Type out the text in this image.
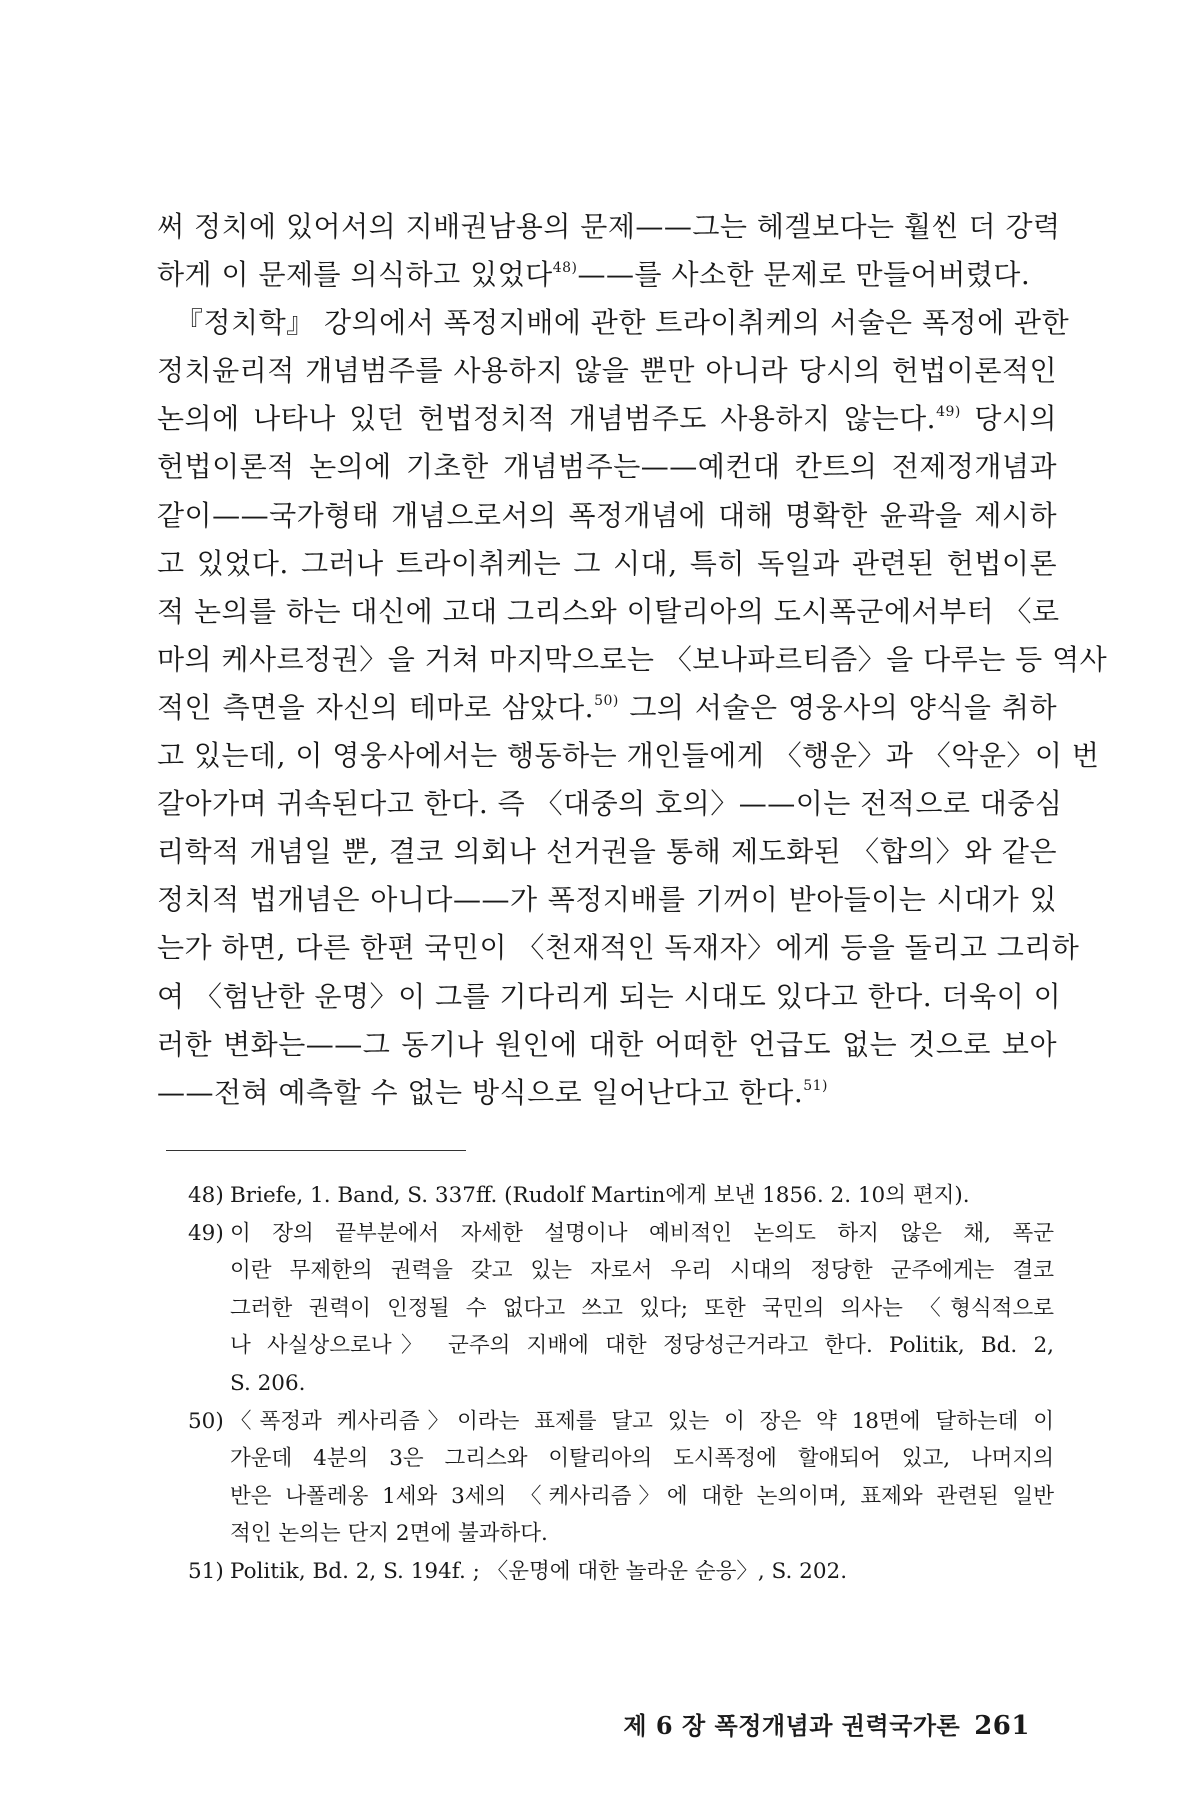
써 정치에 있어서의 지배권남용의 문제——그는 헤겔보다는 훨씬 더 강력
하게 이 문제를 의식하고 있었다$^{48)}$——를 사소한 문제로 만들어버렸다.
『정치학』 강의에서 폭정지배에 관한 트라이취케의 서술은 폭정에 관한
정치윤리적 개념범주를 사용하지 않을 뿐만 아니라 당시의 헌법이론적인
논의에 나타나 있던 헌법정치적 개념범주도 사용하지 않는다.$^{49)}$ 당시의
헌법이론적 논의에 기초한 개념범주는——예컨대 칸트의 전제정개념과
같이——국가형태 개념으로서의 폭정개념에 대해 명확한 윤곽을 제시하
고 있었다. 그러나 트라이취케는 그 시대, 특히 독일과 관련된 헌법이론
적 논의를 하는 대신에 고대 그리스와 이탈리아의 도시폭군에서부터 〈로
마의 케사르정권〉을 거쳐 마지막으로는 〈보나파르티즘〉을 다루는 등 역사
적인 측면을 자신의 테마로 삼았다.$^{50)}$ 그의 서술은 영웅사의 양식을 취하
고 있는데, 이 영웅사에서는 행동하는 개인들에게 〈행운〉과 〈악운〉이 번
갈아가며 귀속된다고 한다. 즉 〈대중의 호의〉——이는 전적으로 대중심
리학적 개념일 뿐, 결코 의회나 선거권을 통해 제도화된 〈합의〉와 같은
정치적 법개념은 아니다——가 폭정지배를 기꺼이 받아들이는 시대가 있
는가 하면, 다른 한편 국민이 〈천재적인 독재자〉에게 등을 돌리고 그리하
여 〈험난한 운명〉이 그를 기다리게 되는 시대도 있다고 한다. 더욱이 이
러한 변화는——그 동기나 원인에 대한 어떠한 언급도 없는 것으로 보아
——전혀 예측할 수 없는 방식으로 일어난다고 한다.$^{51)}$
48) Briefe, 1. Band, S. 337ff. (Rudolf Martin에게 보낸 1856. 2. 10의 편지).
49) 이 장의 끝부분에서 자세한 설명이나 예비적인 논의도 하지 않은 채, 폭군
이란 무제한의 권력을 갖고 있는 자로서 우리 시대의 정당한 군주에게는 결코
그러한 권력이 인정될 수 없다고 쓰고 있다; 또한 국민의 의사는 〈형식적으로
나 사실상으로나〉 군주의 지배에 대한 정당성근거라고 한다. Politik, Bd. 2,
S. 206.
50) 〈폭정과 케사리즘〉이라는 표제를 달고 있는 이 장은 약 18면에 달하는데 이
가운데 4분의 3은 그리스와 이탈리아의 도시폭정에 할애되어 있고, 나머지의
반은 나폴레옹 1세와 3세의 〈케사리즘〉에 대한 논의이며, 표제와 관련된 일반
적인 논의는 단지 2면에 불과하다.
51) Politik, Bd. 2, S. 194f. ; 〈운명에 대한 놀라운 순응〉, S. 202.
제 6 장 폭정개념과 권력국가론 261
